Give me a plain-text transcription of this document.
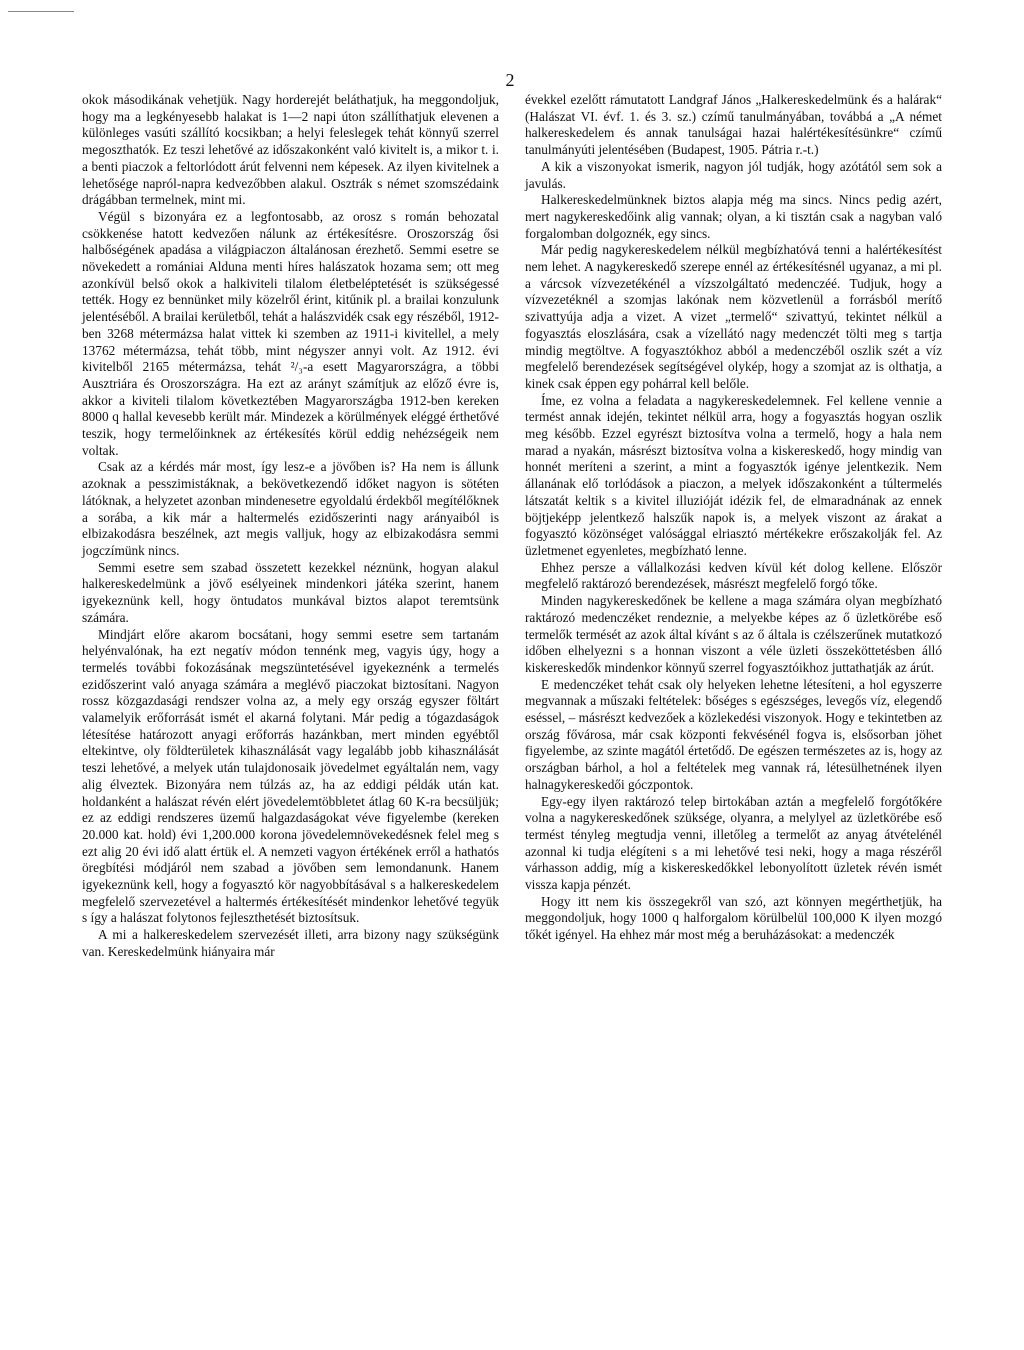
2

okok másodikának vehetjük. Nagy horderejét beláthatjuk, ha meggondoljuk, hogy ma a legkényesebb halakat is 1—2 napi úton szállíthatjuk elevenen a különleges vasúti szállító kocsikban; a helyi feleslegek tehát könnyű szerrel megoszthatók. Ez teszi lehetővé az időszakonként való kivitelt is, a mikor t. i. a benti piaczok a feltorlódott árút felvenni nem képesek. Az ilyen kivitelnek a lehetősége napról-napra kedvezőbben alakul. Osztrák s német szomszédaink drágábban termelnek, mint mi.

Végül s bizonyára ez a legfontosabb, az orosz s román behozatal csökkenése hatott kedvezően nálunk az értékesítésre. Oroszország ősi halbőségének apadása a világpiaczon általánosan érezhető. Semmi esetre se növekedett a romániai Alduna menti híres halászatok hozama sem; ott meg azonkívül belső okok a halkiviteli tilalom életbeléptetését is szükségessé tették. Hogy ez bennünket mily közelről érint, kitűnik pl. a brailai konzulunk jelentéséből. A brailai kerületből, tehát a halászvidék csak egy részéből, 1912-ben 3268 métermázsa halat vittek ki szemben az 1911-i kivitellel, a mely 13762 métermázsa, tehát több, mint négyszer annyi volt. Az 1912. évi kivitelből 2165 métermázsa, tehát ²/₃-a esett Magyarországra, a többi Ausztriára és Oroszországra. Ha ezt az arányt számítjuk az előző évre is, akkor a kiviteli tilalom következtében Magyarországba 1912-ben kereken 8000 q hallal kevesebb került már. Mindezek a körülmények eléggé érthetővé teszik, hogy termelőinknek az értékesítés körül eddig nehézségeik nem voltak.

Csak az a kérdés már most, így lesz-e a jövőben is? Ha nem is állunk azoknak a pesszimistáknak, a bekövetkezendő időket nagyon is sötéten látóknak, a helyzetet azonban mindenesetre egyoldalú érdekből megítélőknek a sorába, a kik már a haltermelés ezidőszerinti nagy arányaiból is elbizakodásra beszélnek, azt megis valljuk, hogy az elbizakodásra semmi jogczímünk nincs.

Semmi esetre sem szabad összetett kezekkel néznünk, hogyan alakul halkereskedelmünk a jövő esélyeinek mindenkori játéka szerint, hanem igyekeznünk kell, hogy öntudatos munkával biztos alapot teremtsünk számára.

Mindjárt előre akarom bocsátani, hogy semmi esetre sem tartanám helyénvalónak, ha ezt negatív módon tennénk meg, vagyis úgy, hogy a termelés további fokozásának megszüntetésével igyekeznénk a termelés ezidőszerint való anyaga számára a meglévő piaczokat biztosítani. Nagyon rossz közgazdasági rendszer volna az, a mely egy ország egyszer föltárt valamelyik erőforrását ismét el akarná folytani. Már pedig a tógazdaságok létesítése határozott anyagi erőforrás hazánkban, mert minden egyébtől eltekintve, oly földterületek kihasználását vagy legalább jobb kihasználását teszi lehetővé, a melyek után tulajdonosaik jövedelmet egyáltalán nem, vagy alig élveztek. Bizonyára nem túlzás az, ha az eddigi példák után kat. holdanként a halászat révén elért jövedelemtöbbletet átlag 60 K-ra becsüljük; ez az eddigi rendszeres üzemű halgazdaságokat véve figyelembe (kereken 20.000 kat. hold) évi 1,200.000 korona jövedelemnövekedésnek felel meg s ezt alig 20 évi idő alatt értük el. A nemzeti vagyon értékének erről a hathatós öregbítési módjáról nem szabad a jövőben sem lemondanunk. Hanem igyekeznünk kell, hogy a fogyasztó kör nagyobbításával s a halkereskedelem megfelelő szervezetével a haltermés értékesítését mindenkor lehetővé tegyük s így a halászat folytonos fejleszthetését biztosítsuk.

A mi a halkereskedelem szervezését illeti, arra bizony nagy szükségünk van. Kereskedelmünk hiányaira már

évekkel ezelőtt rámutatott Landgraf János „Halkereskedelmünk és a halárak“ (Halászat VI. évf. 1. és 3. sz.) czímű tanulmányában, továbbá a „A német halkereskedelem és annak tanulságai hazai halértékesítésünkre“ czímű tanulmányúti jelentésében (Budapest, 1905. Pátria r.-t.)

A kik a viszonyokat ismerik, nagyon jól tudják, hogy azótától sem sok a javulás.

Halkereskedelmünknek biztos alapja még ma sincs. Nincs pedig azért, mert nagykereskedőink alig vannak; olyan, a ki tisztán csak a nagyban való forgalomban dolgoznék, egy sincs.

Már pedig nagykereskedelem nélkül megbízhatóvá tenni a halértékesítést nem lehet. A nagykereskedő szerepe ennél az értékesítésnél ugyanaz, a mi pl. a várcsok vízvezetékénél a vízszolgáltató medenczéé. Tudjuk, hogy a vízvezetéknél a szomjas lakónak nem közvetlenül a forrásból merítő szivattyúja adja a vizet. A vizet „termelő“ szivattyú, tekintet nélkül a fogyasztás eloszlására, csak a vízellátó nagy medenczét tölti meg s tartja mindig megtöltve. A fogyasztókhoz abból a medenczéből oszlik szét a víz megfelelő berendezések segítségével olykép, hogy a szomjat az is olthatja, a kinek csak éppen egy pohárral kell belőle.

Íme, ez volna a feladata a nagykereskedelemnek. Fel kellene vennie a termést annak idején, tekintet nélkül arra, hogy a fogyasztás hogyan oszlik meg később. Ezzel egyrészt biztosítva volna a termelő, hogy a hala nem marad a nyakán, másrészt biztosítva volna a kiskereskedő, hogy mindig van honnét meríteni a szerint, a mint a fogyasztók igénye jelentkezik. Nem állanának elő torlódások a piaczon, a melyek időszakonként a túltermelés látszatát keltik s a kivitel illuzióját idézik fel, de elmaradnának az ennek böjtjeképp jelentkező halszűk napok is, a melyek viszont az árakat a fogyasztó közönséget valósággal elriasztó mértékekre erőszakolják fel. Az üzletmenet egyenletes, megbízható lenne.

Ehhez persze a vállalkozási kedven kívül két dolog kellene. Először megfelelő raktározó berendezések, másrészt megfelelő forgó tőke.

Minden nagykereskedőnek be kellene a maga számára olyan megbízható raktározó medenczéket rendeznie, a melyekbe képes az ő üzletkörébe eső termelők termését az azok által kívánt s az ő általa is czélszerűnek mutatkozó időben elhelyezni s a honnan viszont a véle üzleti összeköttetésben álló kiskereskedők mindenkor könnyű szerrel fogyasztóikhoz juttathatják az árút.

E medenczéket tehát csak oly helyeken lehetne létesíteni, a hol egyszerre megvannak a műszaki feltételek: bőséges s egészséges, levegős víz, elegendő eséssel, – másrészt kedvezőek a közlekedési viszonyok. Hogy e tekintetben az ország fővárosa, már csak központi fekvésénél fogva is, elsősorban jöhet figyelembe, az szinte magától értetődő. De egészen természetes az is, hogy az országban bárhol, a hol a feltételek meg vannak rá, létesülhetnének ilyen halnagykereskedői góczpontok.

Egy-egy ilyen raktározó telep birtokában aztán a megfelelő forgótőkére volna a nagykereskedőnek szüksége, olyanra, a melylyel az üzletkörébe eső termést tényleg megtudja venni, illetőleg a termelőt az anyag átvételénél azonnal ki tudja elégíteni s a mi lehetővé tesi neki, hogy a maga részéről várhasson addig, míg a kiskereskedőkkel lebonyolított üzletek révén ismét vissza kapja pénzét.

Hogy itt nem kis összegekről van szó, azt könnyen megérthetjük, ha meggondoljuk, hogy 1000 q halforgalom körülbelül 100,000 K ilyen mozgó tőkét igényel. Ha ehhez már most még a beruházásokat: a medenczék
